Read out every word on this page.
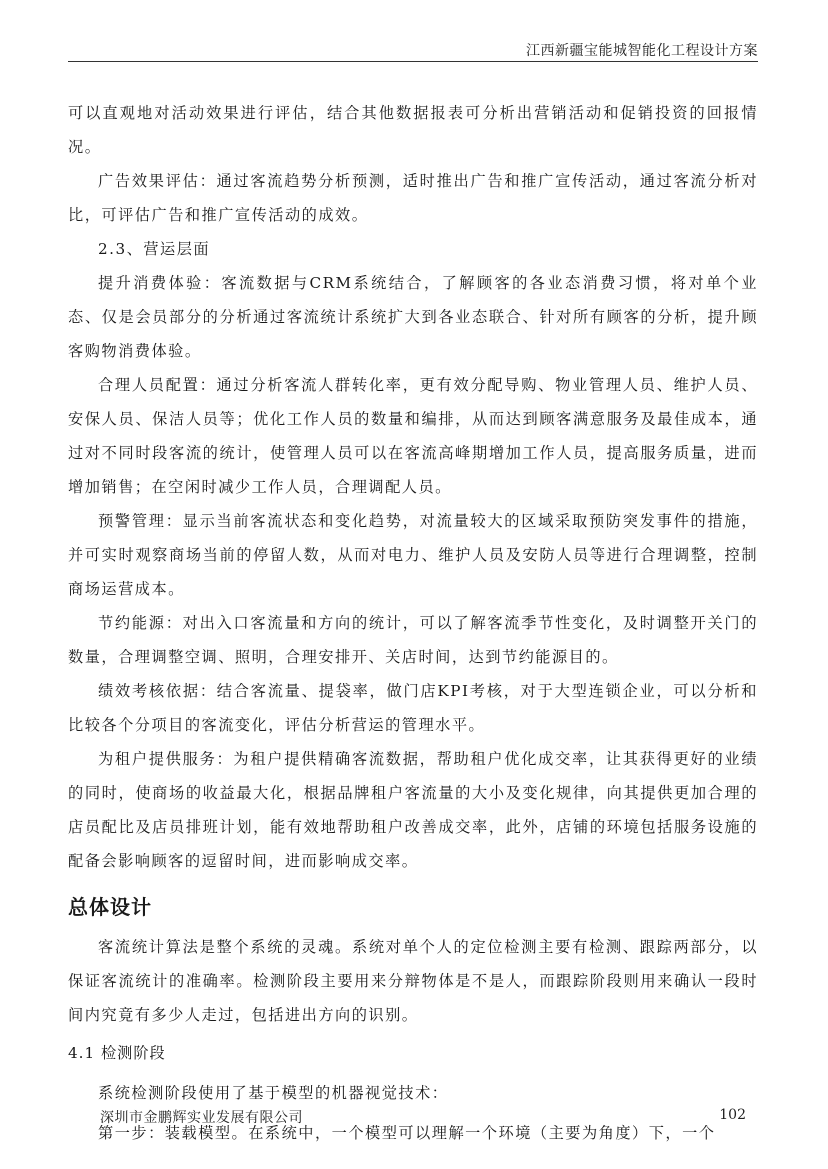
江西新疆宝能城智能化工程设计方案

可以直观地对活动效果进行评估，结合其他数据报表可分析出营销活动和促销投资的回报情况。

广告效果评估：通过客流趋势分析预测，适时推出广告和推广宣传活动，通过客流分析对比，可评估广告和推广宣传活动的成效。

2.3、营运层面

提升消费体验：客流数据与CRM系统结合，了解顾客的各业态消费习惯，将对单个业态、仅是会员部分的分析通过客流统计系统扩大到各业态联合、针对所有顾客的分析，提升顾客购物消费体验。

合理人员配置：通过分析客流人群转化率，更有效分配导购、物业管理人员、维护人员、安保人员、保洁人员等；优化工作人员的数量和编排，从而达到顾客满意服务及最佳成本，通过对不同时段客流的统计，使管理人员可以在客流高峰期增加工作人员，提高服务质量，进而增加销售；在空闲时减少工作人员，合理调配人员。

预警管理：显示当前客流状态和变化趋势，对流量较大的区域采取预防突发事件的措施，并可实时观察商场当前的停留人数，从而对电力、维护人员及安防人员等进行合理调整，控制商场运营成本。

节约能源：对出入口客流量和方向的统计，可以了解客流季节性变化，及时调整开关门的数量，合理调整空调、照明，合理安排开、关店时间，达到节约能源目的。

绩效考核依据：结合客流量、提袋率，做门店KPI考核，对于大型连锁企业，可以分析和比较各个分项目的客流变化，评估分析营运的管理水平。

为租户提供服务：为租户提供精确客流数据，帮助租户优化成交率，让其获得更好的业绩的同时，使商场的收益最大化，根据品牌租户客流量的大小及变化规律，向其提供更加合理的店员配比及店员排班计划，能有效地帮助租户改善成交率，此外，店铺的环境包括服务设施的配备会影响顾客的逗留时间，进而影响成交率。

总体设计

客流统计算法是整个系统的灵魂。系统对单个人的定位检测主要有检测、跟踪两部分，以保证客流统计的准确率。检测阶段主要用来分辩物体是不是人，而跟踪阶段则用来确认一段时间内究竟有多少人走过，包括进出方向的识别。

4.1 检测阶段

系统检测阶段使用了基于模型的机器视觉技术：

第一步：装载模型。在系统中，一个模型可以理解一个环境（主要为角度）下，一个

深圳市金鹏辉实业发展有限公司	102
